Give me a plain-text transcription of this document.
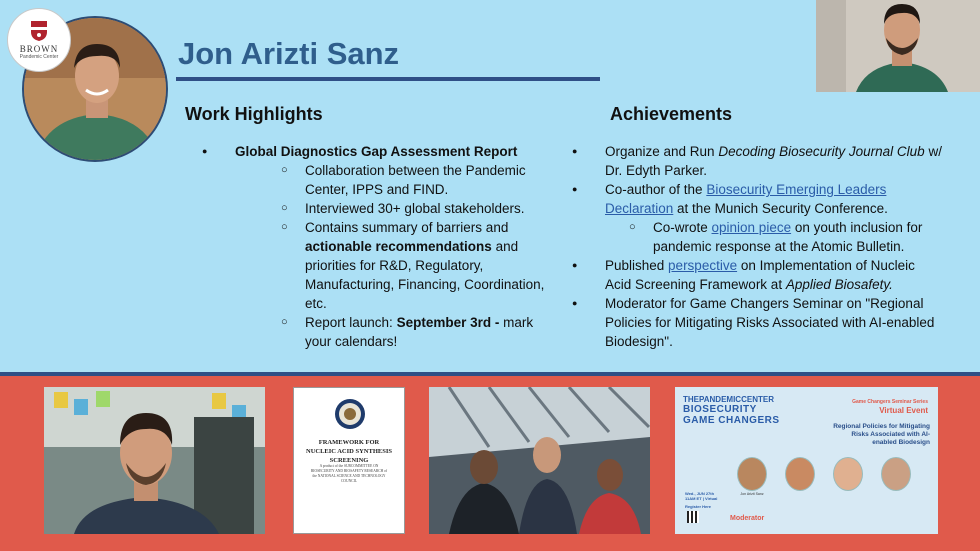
BROWN
Pandemic Center	Jon Arizti Sanz
Work Highlights
● Global Diagnostics Gap Assessment Report
○ Collaboration between the Pandemic Center, IPPS and FIND.
○ Interviewed 30+ global stakeholders.
○ Contains summary of barriers and actionable recommendations and priorities for R&D, Regulatory, Manufacturing, Financing, Coordination, etc.
○ Report launch: September 3rd - mark your calendars!
Achievements
● Organize and Run Decoding Biosecurity Journal Club w/ Dr. Edyth Parker.
● Co-author of the Biosecurity Emerging Leaders Declaration at the Munich Security Conference.
○ Co-wrote opinion piece on youth inclusion for pandemic response at the Atomic Bulletin.
● Published perspective on Implementation of Nucleic Acid Screening Framework at Applied Biosafety.
● Moderator for Game Changers Seminar on "Regional Policies for Mitigating Risks Associated with AI-enabled Biodesign".
FRAMEWORK FOR NUCLEIC ACID SYNTHESIS SCREENING
A product of the SUBCOMMITTEE ON BIOSECURITY AND BIOSAFETY RESEARCH of the NATIONAL SCIENCE AND TECHNOLOGY COUNCIL
THEPANDEMICCENTER
BIOSECURITY
GAME CHANGERS
Game Changers Seminar Series
Virtual Event
Regional Policies for Mitigating Risks Associated with AI-enabled Biodesign
Wed., JUN 27th 11AM ET | Virtual
Register Here
Jon Arizti Sanz
Moderator
